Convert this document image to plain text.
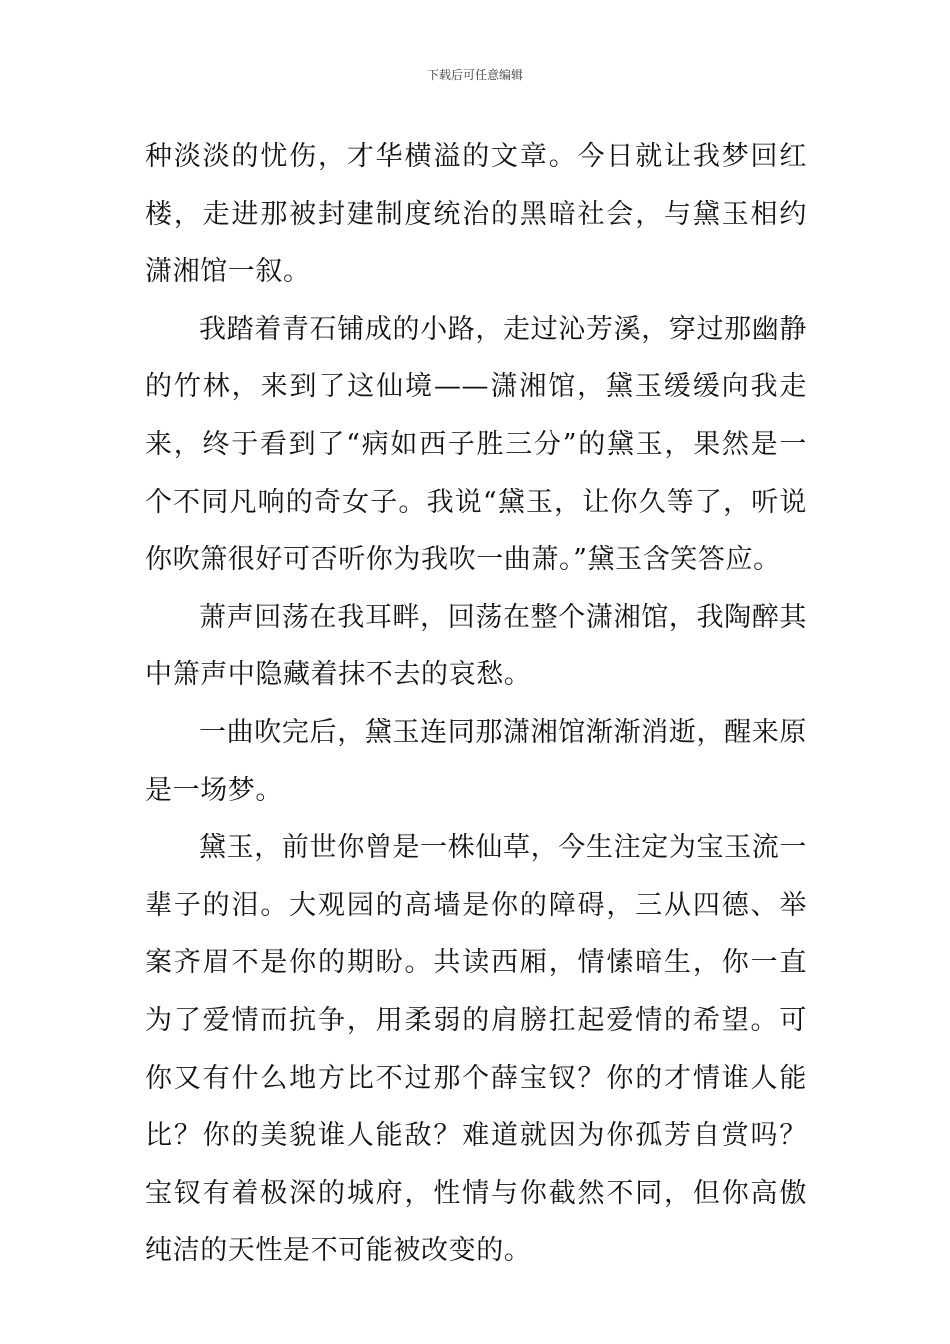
下载后可任意编辑

种淡淡的忧伤，才华横溢的文章。今日就让我梦回红楼，走进那被封建制度统治的黑暗社会，与黛玉相约潇湘馆一叙。

我踏着青石铺成的小路，走过沁芳溪，穿过那幽静的竹林，来到了这仙境——潇湘馆，黛玉缓缓向我走来，终于看到了“病如西子胜三分”的黛玉，果然是一个不同凡响的奇女子。我说“黛玉，让你久等了，听说你吹箫很好可否听你为我吹一曲萧。”黛玉含笑答应。

萧声回荡在我耳畔，回荡在整个潇湘馆，我陶醉其中箫声中隐藏着抹不去的哀愁。

一曲吹完后，黛玉连同那潇湘馆渐渐消逝，醒来原是一场梦。

黛玉，前世你曾是一株仙草，今生注定为宝玉流一辈子的泪。大观园的高墙是你的障碍，三从四德、举案齐眉不是你的期盼。共读西厢，情愫暗生，你一直为了爱情而抗争，用柔弱的肩膀扛起爱情的希望。可你又有什么地方比不过那个薛宝钗？你的才情谁人能比？你的美貌谁人能敌？难道就因为你孤芳自赏吗？宝钗有着极深的城府，性情与你截然不同，但你高傲纯洁的天性是不可能被改变的。
